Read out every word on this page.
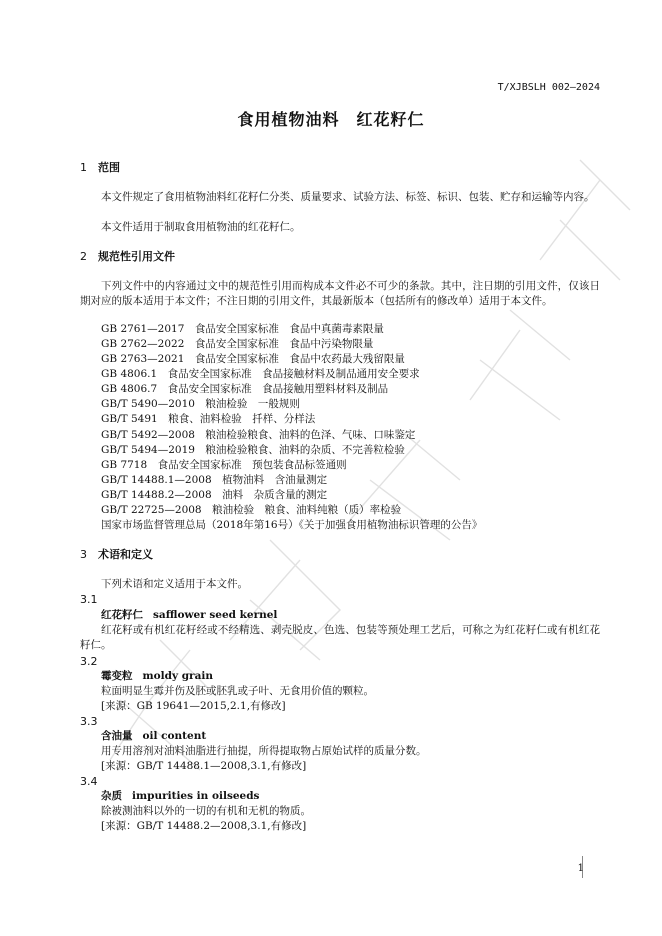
T/XJBSLH 002—2024
食用植物油料　红花籽仁
1 范围
本文件规定了食用植物油料红花籽仁分类、质量要求、试验方法、标签、标识、包装、贮存和运输等内容。
本文件适用于制取食用植物油的红花籽仁。
2 规范性引用文件
下列文件中的内容通过文中的规范性引用而构成本文件必不可少的条款。其中，注日期的引用文件，仅该日期对应的版本适用于本文件；不注日期的引用文件，其最新版本（包括所有的修改单）适用于本文件。
GB 2761—2017　食品安全国家标准　食品中真菌毒素限量
GB 2762—2022　食品安全国家标准　食品中污染物限量
GB 2763—2021　食品安全国家标准　食品中农药最大残留限量
GB 4806.1　食品安全国家标准　食品接触材料及制品通用安全要求
GB 4806.7　食品安全国家标准　食品接触用塑料材料及制品
GB/T 5490—2010　粮油检验　一般规则
GB/T 5491　粮食、油料检验　扦样、分样法
GB/T 5492—2008　粮油检验粮食、油料的色泽、气味、口味鉴定
GB/T 5494—2019　粮油检验粮食、油料的杂质、不完善粒检验
GB 7718　食品安全国家标准　预包装食品标签通则
GB/T 14488.1—2008　植物油料　含油量测定
GB/T 14488.2—2008　油料　杂质含量的测定
GB/T 22725—2008　粮油检验　粮食、油料纯粮（质）率检验
国家市场监督管理总局（2018年第16号）《关于加强食用植物油标识管理的公告》
3 术语和定义
下列术语和定义适用于本文件。
3.1
红花籽仁 safflower seed kernel
红花籽或有机红花籽经或不经精选、剥壳脱皮、色选、包装等预处理工艺后，可称之为红花籽仁或有机红花籽仁。
3.2
霉变粒 moldy grain
粒面明显生霉并伤及胚或胚乳或子叶、无食用价值的颗粒。
[来源：GB 19641—2015,2.1,有修改]
3.3
含油量 oil content
用专用溶剂对油料油脂进行抽提，所得提取物占原始试样的质量分数。
[来源：GB/T 14488.1—2008,3.1,有修改]
3.4
杂质 impurities in oilseeds
除被测油料以外的一切的有机和无机的物质。
[来源：GB/T 14488.2—2008,3.1,有修改]
1
